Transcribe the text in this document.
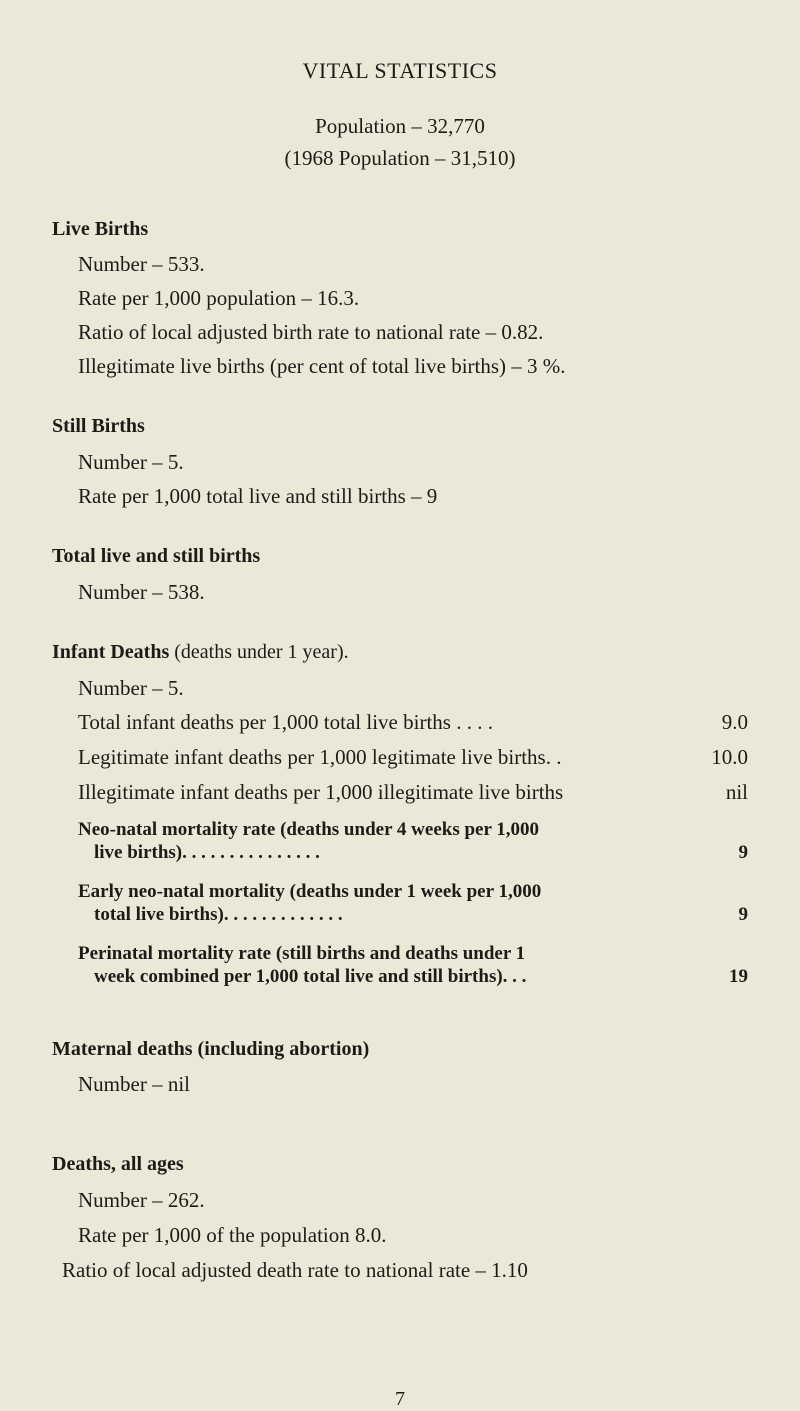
VITAL STATISTICS
Population – 32,770
(1968 Population – 31,510)
Live Births
Number – 533.
Rate per 1,000 population – 16.3.
Ratio of local adjusted birth rate to national rate – 0.82.
Illegitimate live births (per cent of total live births) – 3 %.
Still Births
Number – 5.
Rate per 1,000 total live and still births – 9
Total live and still births
Number – 538.
Infant Deaths (deaths under 1 year).
Number – 5.
Total infant deaths per 1,000 total live births . . . .	9.0
Legitimate infant deaths per 1,000 legitimate live births. .	10.0
Illegitimate infant deaths per 1,000 illegitimate live births	nil
Neo-natal mortality rate (deaths under 4 weeks per 1,000
live births). . . . . . . . . . . . . . .	9
Early neo-natal mortality (deaths under 1 week per 1,000
total live births). . . . . . . . . . . . .	9
Perinatal mortality rate (still births and deaths under 1
week combined per 1,000 total live and still births). . .	19
Maternal deaths (including abortion)
Number – nil
Deaths, all ages
Number – 262.
Rate per 1,000 of the population 8.0.
Ratio of local adjusted death rate to national rate – 1.10
7
